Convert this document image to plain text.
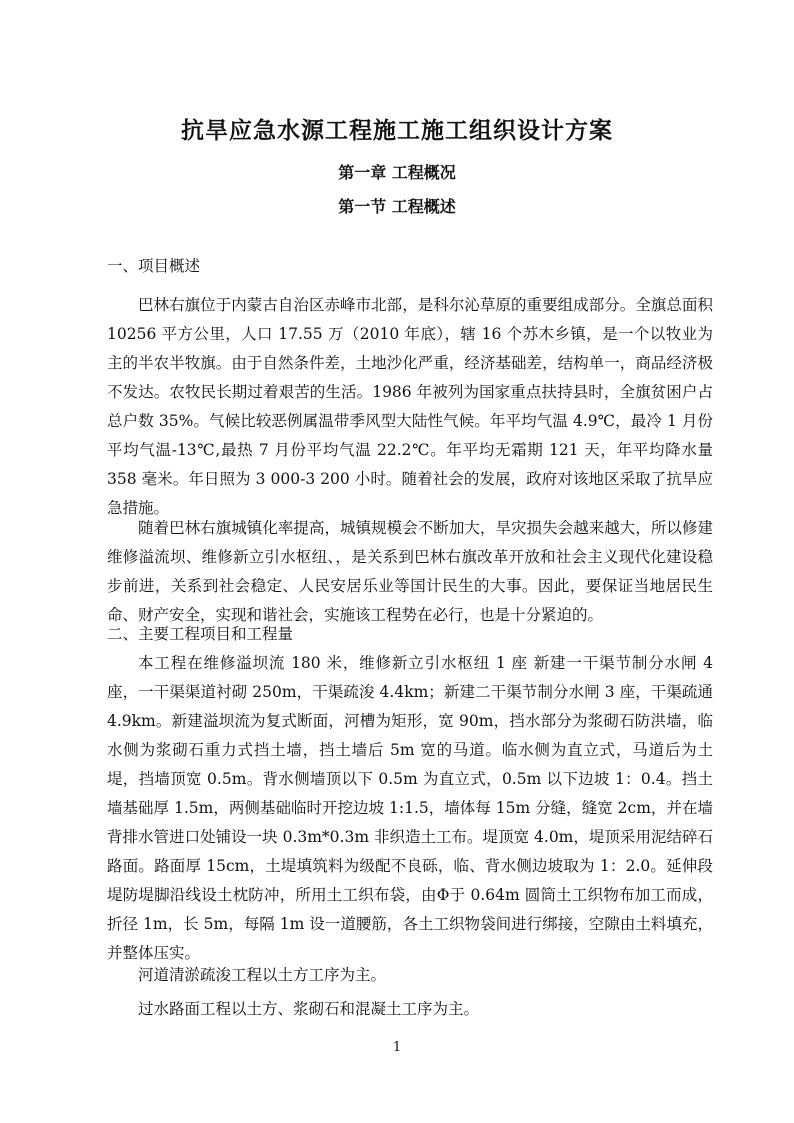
抗旱应急水源工程施工施工组织设计方案
第一章 工程概况
第一节 工程概述
一、项目概述

巴林右旗位于内蒙古自治区赤峰市北部，是科尔沁草原的重要组成部分。全旗总面积 10256 平方公里，人口 17.55 万（2010 年底），辖 16 个苏木乡镇，是一个以牧业为主的半农半牧旗。由于自然条件差，土地沙化严重，经济基础差，结构单一，商品经济极不发达。农牧民长期过着艰苦的生活。1986 年被列为国家重点扶持县时，全旗贫困户占总户数 35%。气候比较恶例属温带季风型大陆性气候。年平均气温 4.9℃，最冷 1 月份平均气温-13℃,最热 7 月份平均气温 22.2℃。年平均无霜期 121 天，年平均降水量 358 毫米。年日照为 3 000-3 200 小时。随着社会的发展，政府对该地区采取了抗旱应急措施。

随着巴林右旗城镇化率提高，城镇规模会不断加大，旱灾损失会越来越大，所以修建维修溢流坝、维修新立引水枢纽、，是关系到巴林右旗改革开放和社会主义现代化建设稳步前进，关系到社会稳定、人民安居乐业等国计民生的大事。因此，要保证当地居民生命、财产安全，实现和谐社会，实施该工程势在必行，也是十分紧迫的。

二、主要工程项目和工程量

本工程在维修溢坝流 180 米，维修新立引水枢纽 1 座 新建一干渠节制分水闸 4 座，一干渠渠道衬砌 250m，干渠疏浚 4.4km；新建二干渠节制分水闸 3 座，干渠疏通 4.9km。新建溢坝流为复式断面，河槽为矩形，宽 90m，挡水部分为浆砌石防洪墙，临水侧为浆砌石重力式挡土墙，挡土墙后 5m 宽的马道。临水侧为直立式，马道后为土堤，挡墙顶宽 0.5m。背水侧墙顶以下 0.5m 为直立式，0.5m 以下边坡 1：0.4。挡土墙基础厚 1.5m，两侧基础临时开挖边坡 1:1.5，墙体每 15m 分缝，缝宽 2cm，并在墙背排水管进口处铺设一块 0.3m*0.3m 非织造土工布。堤顶宽 4.0m，堤顶采用泥结碎石路面。路面厚 15cm，土堤填筑料为级配不良砾，临、背水侧边坡取为 1：2.0。延伸段堤防堤脚沿线设土枕防冲，所用土工织布袋，由Φ于 0.64m 圆筒土工织物布加工而成，折径 1m，长 5m，每隔 1m 设一道腰筋，各土工织物袋间进行绑接，空隙由土料填充，并整体压实。

河道清淤疏浚工程以土方工序为主。
过水路面工程以土方、浆砌石和混凝土工序为主。
1
